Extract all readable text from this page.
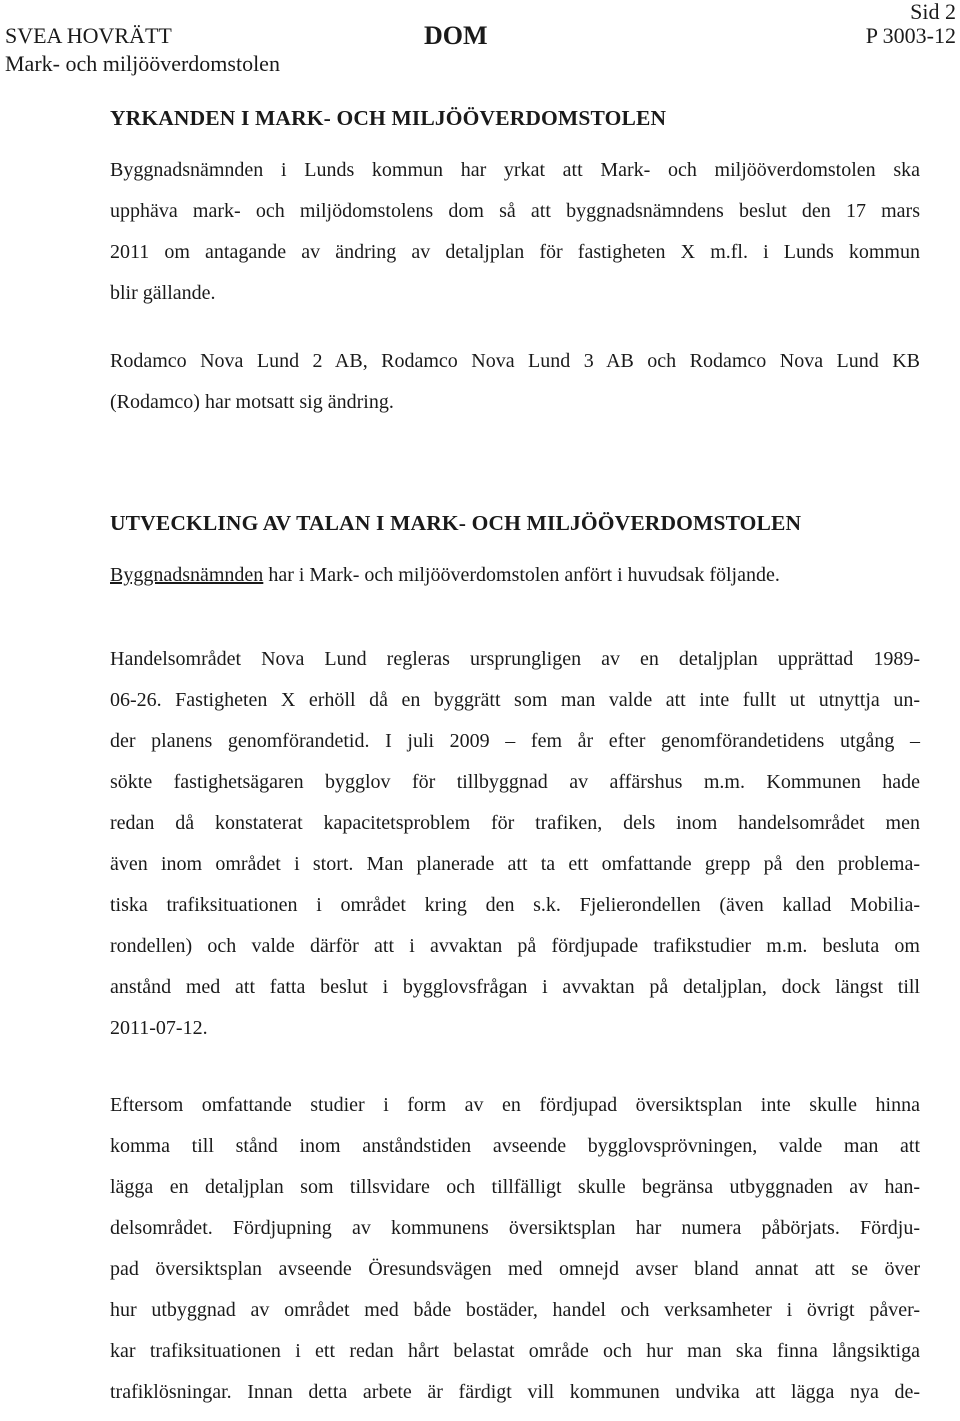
SVEA HOVRÄTT
Mark- och miljööverdomstolen
DOM
Sid 2
P 3003-12
YRKANDEN I MARK- OCH MILJÖÖVERDOMSTOLEN
Byggnadsnämnden i Lunds kommun har yrkat att Mark- och miljööverdomstolen ska
upphäva mark- och miljödomstolens dom så att byggnadsnämndens beslut den 17 mars
2011 om antagande av ändring av detaljplan för fastigheten X m.fl. i Lunds kommun
blir gällande.
Rodamco Nova Lund 2 AB, Rodamco Nova Lund 3 AB och Rodamco Nova Lund KB
(Rodamco) har motsatt sig ändring.
UTVECKLING AV TALAN I MARK- OCH MILJÖÖVERDOMSTOLEN
Byggnadsnämnden har i Mark- och miljööverdomstolen anfört i huvudsak följande.
Handelsområdet Nova Lund regleras ursprungligen av en detaljplan upprättad 1989-
06-26. Fastigheten X erhöll då en byggrätt som man valde att inte fullt ut utnyttja un-
der planens genomförandetid. I juli 2009 – fem år efter genomförandetidens utgång –
sökte fastighetsägaren bygglov för tillbyggnad av affärshus m.m. Kommunen hade
redan då konstaterat kapacitetsproblem för trafiken, dels inom handelsområdet men
även inom området i stort. Man planerade att ta ett omfattande grepp på den problema-
tiska trafiksituationen i området kring den s.k. Fjelierondellen (även kallad Mobilia-
rondellen) och valde därför att i avvaktan på fördjupade trafikstudier m.m. besluta om
anstånd med att fatta beslut i bygglovsfrågan i avvaktan på detaljplan, dock längst till
2011-07-12.
Eftersom omfattande studier i form av en fördjupad översiktsplan inte skulle hinna
komma till stånd inom anståndstiden avseende bygglovsprövningen, valde man att
lägga en detaljplan som tillsvidare och tillfälligt skulle begränsa utbyggnaden av han-
delsområdet. Fördjupning av kommunens översiktsplan har numera påbörjats. Fördju-
pad översiktsplan avseende Öresundsvägen med omnejd avser bland annat att se över
hur utbyggnad av området med både bostäder, handel och verksamheter i övrigt påver-
kar trafiksituationen i ett redan hårt belastat område och hur man ska finna långsiktiga
trafiklösningar. Innan detta arbete är färdigt vill kommunen undvika att lägga nya de-
